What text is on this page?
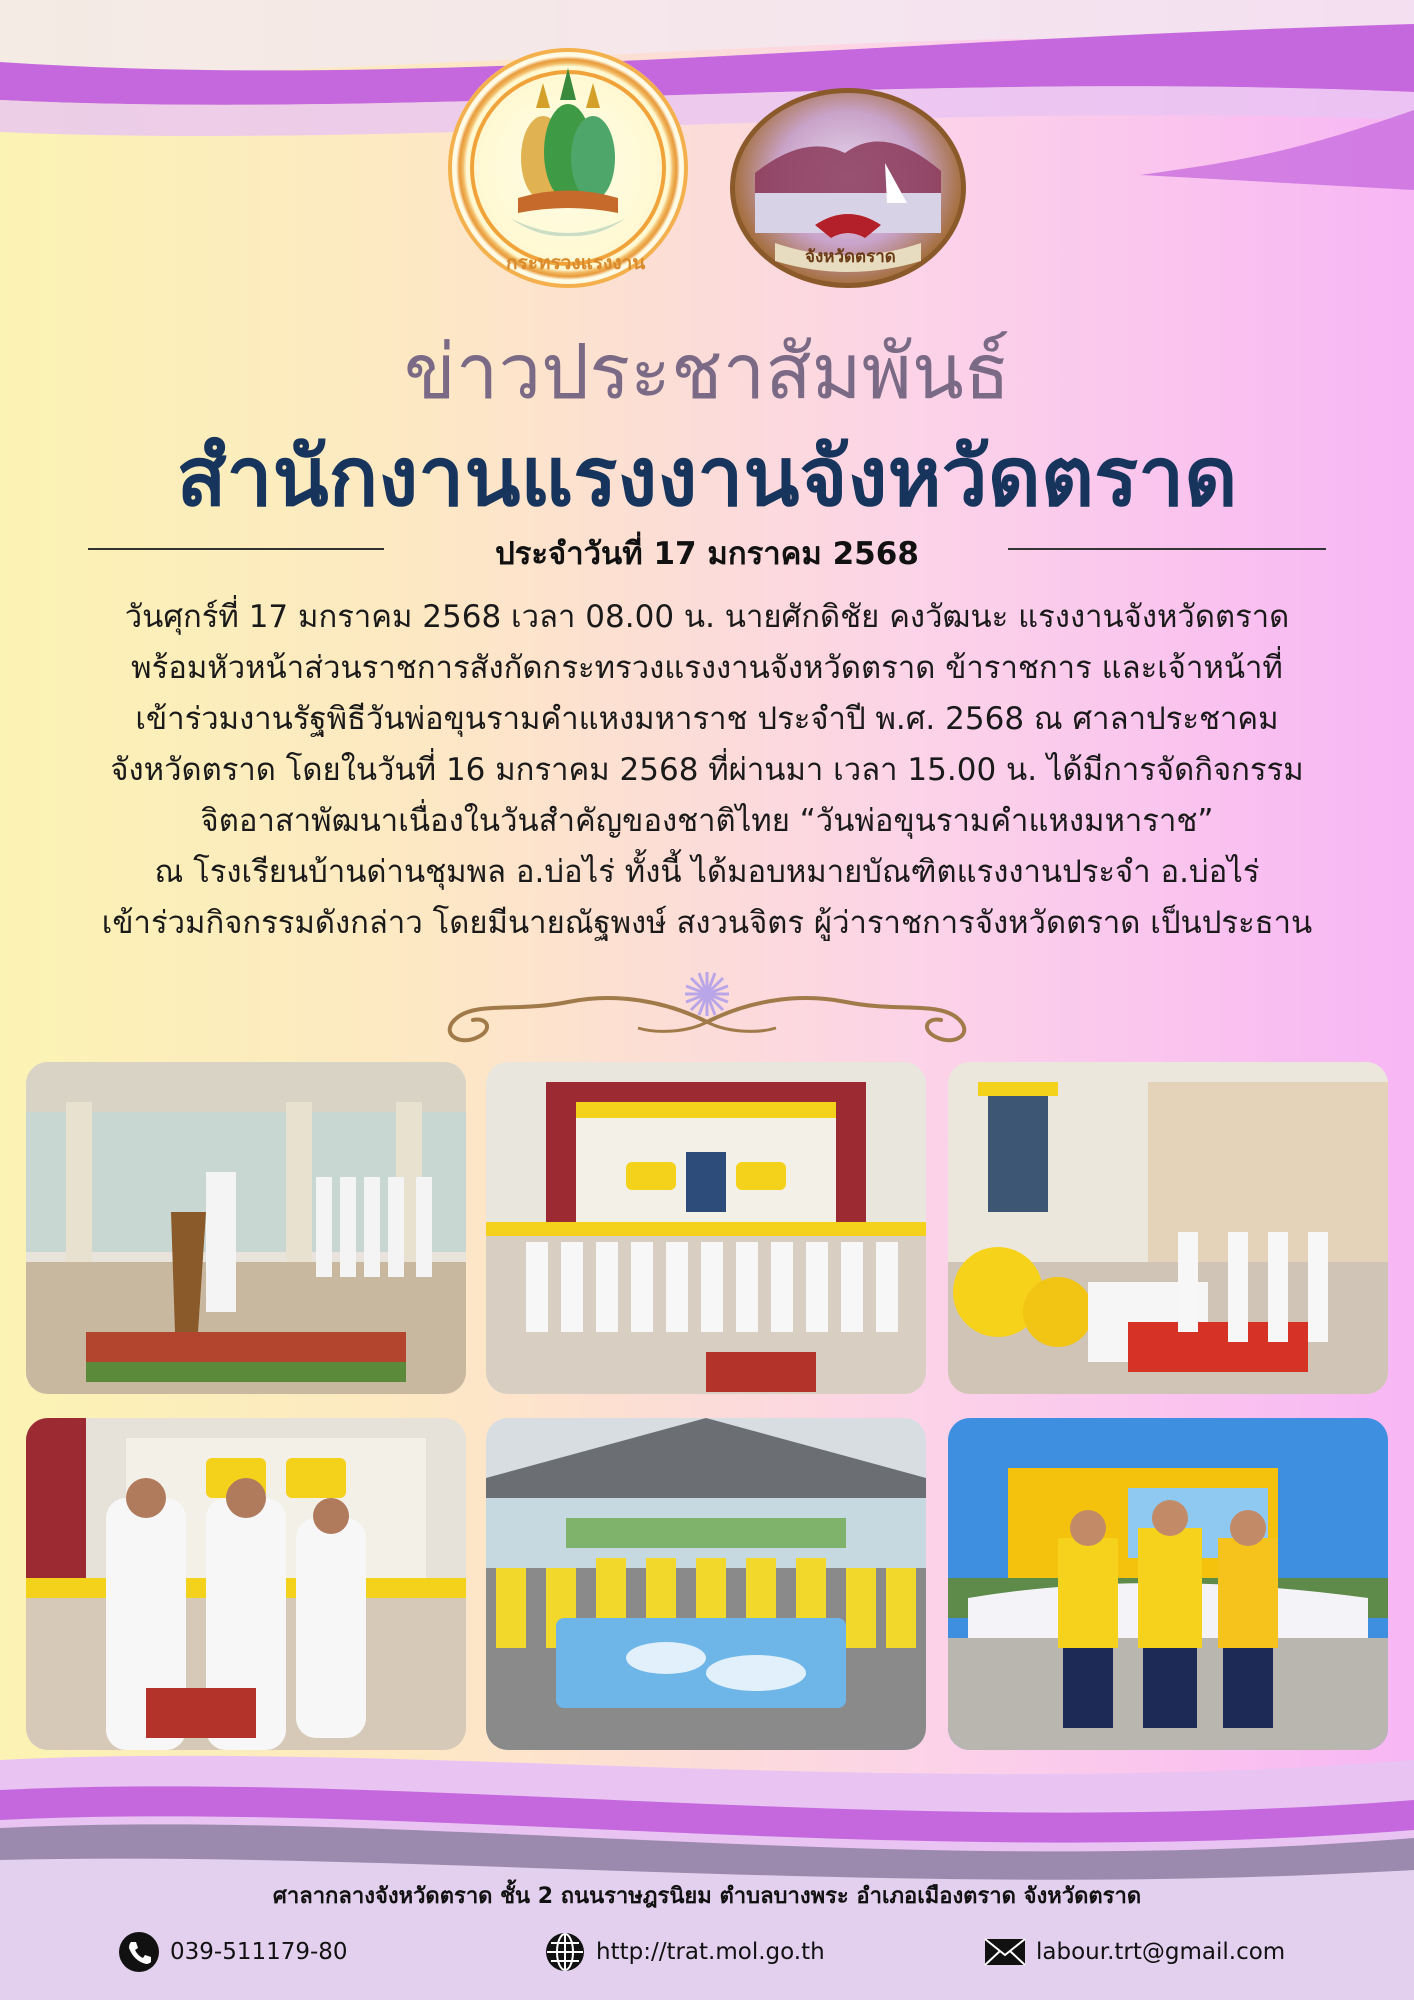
กระทรวงแรงงาน	จังหวัดตราด
ข่าวประชาสัมพันธ์
สำนักงานแรงงานจังหวัดตราด
ประจำวันที่ 17 มกราคม 2568
วันศุกร์ที่ 17 มกราคม 2568 เวลา 08.00 น. นายศักดิชัย คงวัฒนะ แรงงานจังหวัดตราด
พร้อมหัวหน้าส่วนราชการสังกัดกระทรวงแรงงานจังหวัดตราด ข้าราชการ และเจ้าหน้าที่
เข้าร่วมงานรัฐพิธีวันพ่อขุนรามคำแหงมหาราช ประจำปี พ.ศ. 2568 ณ ศาลาประชาคม
จังหวัดตราด โดยในวันที่ 16 มกราคม 2568 ที่ผ่านมา เวลา 15.00 น. ได้มีการจัดกิจกรรม
จิตอาสาพัฒนาเนื่องในวันสำคัญของชาติไทย “วันพ่อขุนรามคำแหงมหาราช”
ณ โรงเรียนบ้านด่านชุมพล อ.บ่อไร่ ทั้งนี้ ได้มอบหมายบัณฑิตแรงงานประจำ อ.บ่อไร่
เข้าร่วมกิจกรรมดังกล่าว โดยมีนายณัฐพงษ์ สงวนจิตร ผู้ว่าราชการจังหวัดตราด เป็นประธาน
ศาลากลางจังหวัดตราด ชั้น 2 ถนนราษฎรนิยม ตำบลบางพระ อำเภอเมืองตราด จังหวัดตราด
039-511179-80	http://trat.mol.go.th	labour.trt@gmail.com
